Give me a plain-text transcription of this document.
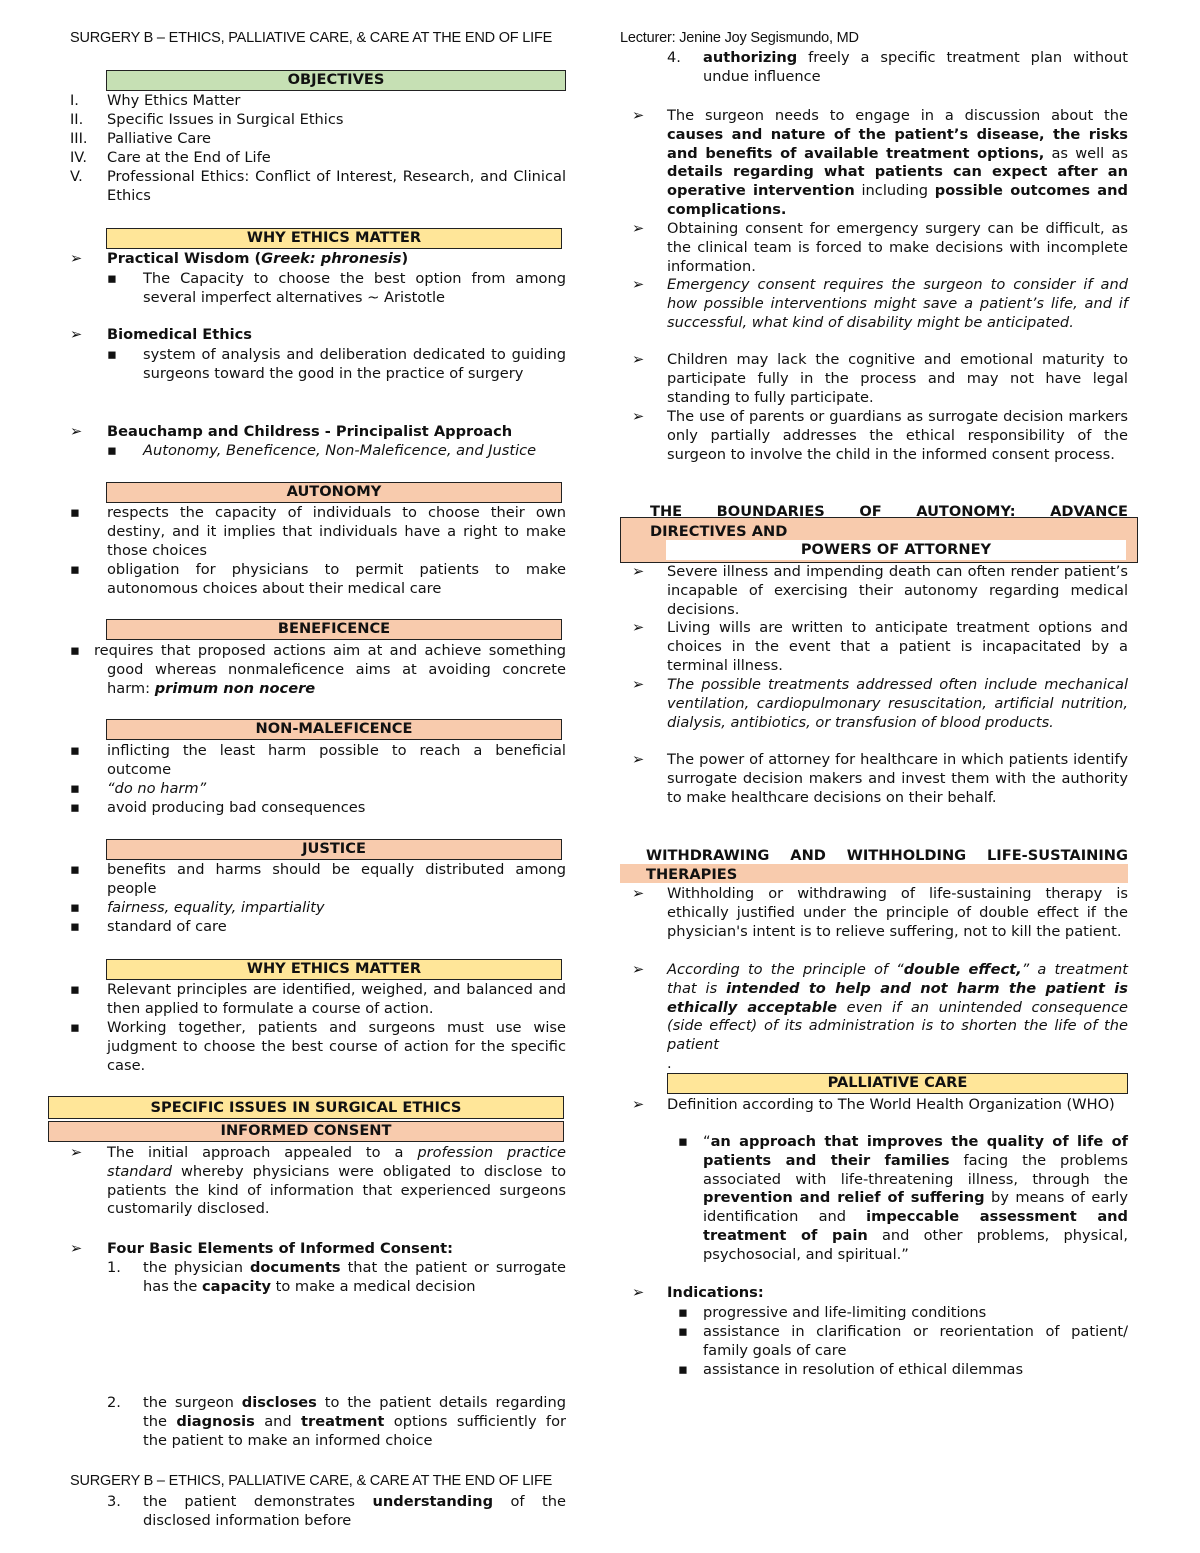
SURGERY B – ETHICS, PALLIATIVE CARE, & CARE AT THE END OF LIFE	Lecturer: Jenine Joy Segismundo, MD
OBJECTIVES
I. Why Ethics Matter
II. Specific Issues in Surgical Ethics
III. Palliative Care
IV. Care at the End of Life
V. Professional Ethics: Conflict of Interest, Research, and Clinical Ethics
WHY ETHICS MATTER
➢ Practical Wisdom (Greek: phronesis)
▪ The Capacity to choose the best option from among several imperfect alternatives ~ Aristotle
➢ Biomedical Ethics
▪ system of analysis and deliberation dedicated to guiding surgeons toward the good in the practice of surgery
➢ Beauchamp and Childress - Principalist Approach
▪ Autonomy, Beneficence, Non-Maleficence, and Justice
AUTONOMY
▪ respects the capacity of individuals to choose their own destiny, and it implies that individuals have a right to make those choices
▪ obligation for physicians to permit patients to make autonomous choices about their medical care
BENEFICENCE
▪ requires that proposed actions aim at and achieve something good whereas nonmaleficence aims at avoiding concrete harm: primum non nocere
NON-MALEFICENCE
▪ inflicting the least harm possible to reach a beneficial outcome
▪ “do no harm”
▪ avoid producing bad consequences
JUSTICE
▪ benefits and harms should be equally distributed among people
▪ fairness, equality, impartiality
▪ standard of care
WHY ETHICS MATTER
▪ Relevant principles are identified, weighed, and balanced and then applied to formulate a course of action.
▪ Working together, patients and surgeons must use wise judgment to choose the best course of action for the specific case.
SPECIFIC ISSUES IN SURGICAL ETHICS
INFORMED CONSENT
➢ The initial approach appealed to a profession practice standard whereby physicians were obligated to disclose to patients the kind of information that experienced surgeons customarily disclosed.
➢ Four Basic Elements of Informed Consent:
1. the physician documents that the patient or surrogate has the capacity to make a medical decision
2. the surgeon discloses to the patient details regarding the diagnosis and treatment options sufficiently for the patient to make an informed choice
SURGERY B – ETHICS, PALLIATIVE CARE, & CARE AT THE END OF LIFE
3. the patient demonstrates understanding of the disclosed information before
4. authorizing freely a specific treatment plan without undue influence
➢ The surgeon needs to engage in a discussion about the causes and nature of the patient’s disease, the risks and benefits of available treatment options, as well as details regarding what patients can expect after an operative intervention including possible outcomes and complications.
➢ Obtaining consent for emergency surgery can be difficult, as the clinical team is forced to make decisions with incomplete information.
➢ Emergency consent requires the surgeon to consider if and how possible interventions might save a patient’s life, and if successful, what kind of disability might be anticipated.
➢ Children may lack the cognitive and emotional maturity to participate fully in the process and may not have legal standing to fully participate.
➢ The use of parents or guardians as surrogate decision markers only partially addresses the ethical responsibility of the surgeon to involve the child in the informed consent process.
THE BOUNDARIES OF AUTONOMY: ADVANCE
DIRECTIVES AND
POWERS OF ATTORNEY
➢ Severe illness and impending death can often render patient’s incapable of exercising their autonomy regarding medical decisions.
➢ Living wills are written to anticipate treatment options and choices in the event that a patient is incapacitated by a terminal illness.
➢ The possible treatments addressed often include mechanical ventilation, cardiopulmonary resuscitation, artificial nutrition, dialysis, antibiotics, or transfusion of blood products.
➢ The power of attorney for healthcare in which patients identify surrogate decision makers and invest them with the authority to make healthcare decisions on their behalf.
WITHDRAWING AND WITHHOLDING LIFE-SUSTAINING
THERAPIES
➢ Withholding or withdrawing of life-sustaining therapy is ethically justified under the principle of double effect if the physician's intent is to relieve suffering, not to kill the patient.
➢ According to the principle of “double effect,” a treatment that is intended to help and not harm the patient is ethically acceptable even if an unintended consequence (side effect) of its administration is to shorten the life of the patient
.
PALLIATIVE CARE
➢ Definition according to The World Health Organization (WHO)
▪ “an approach that improves the quality of life of patients and their families facing the problems associated with life-threatening illness, through the prevention and relief of suffering by means of early identification and impeccable assessment and treatment of pain and other problems, physical, psychosocial, and spiritual.”
➢ Indications:
▪ progressive and life-limiting conditions
▪ assistance in clarification or reorientation of patient/ family goals of care
▪ assistance in resolution of ethical dilemmas
